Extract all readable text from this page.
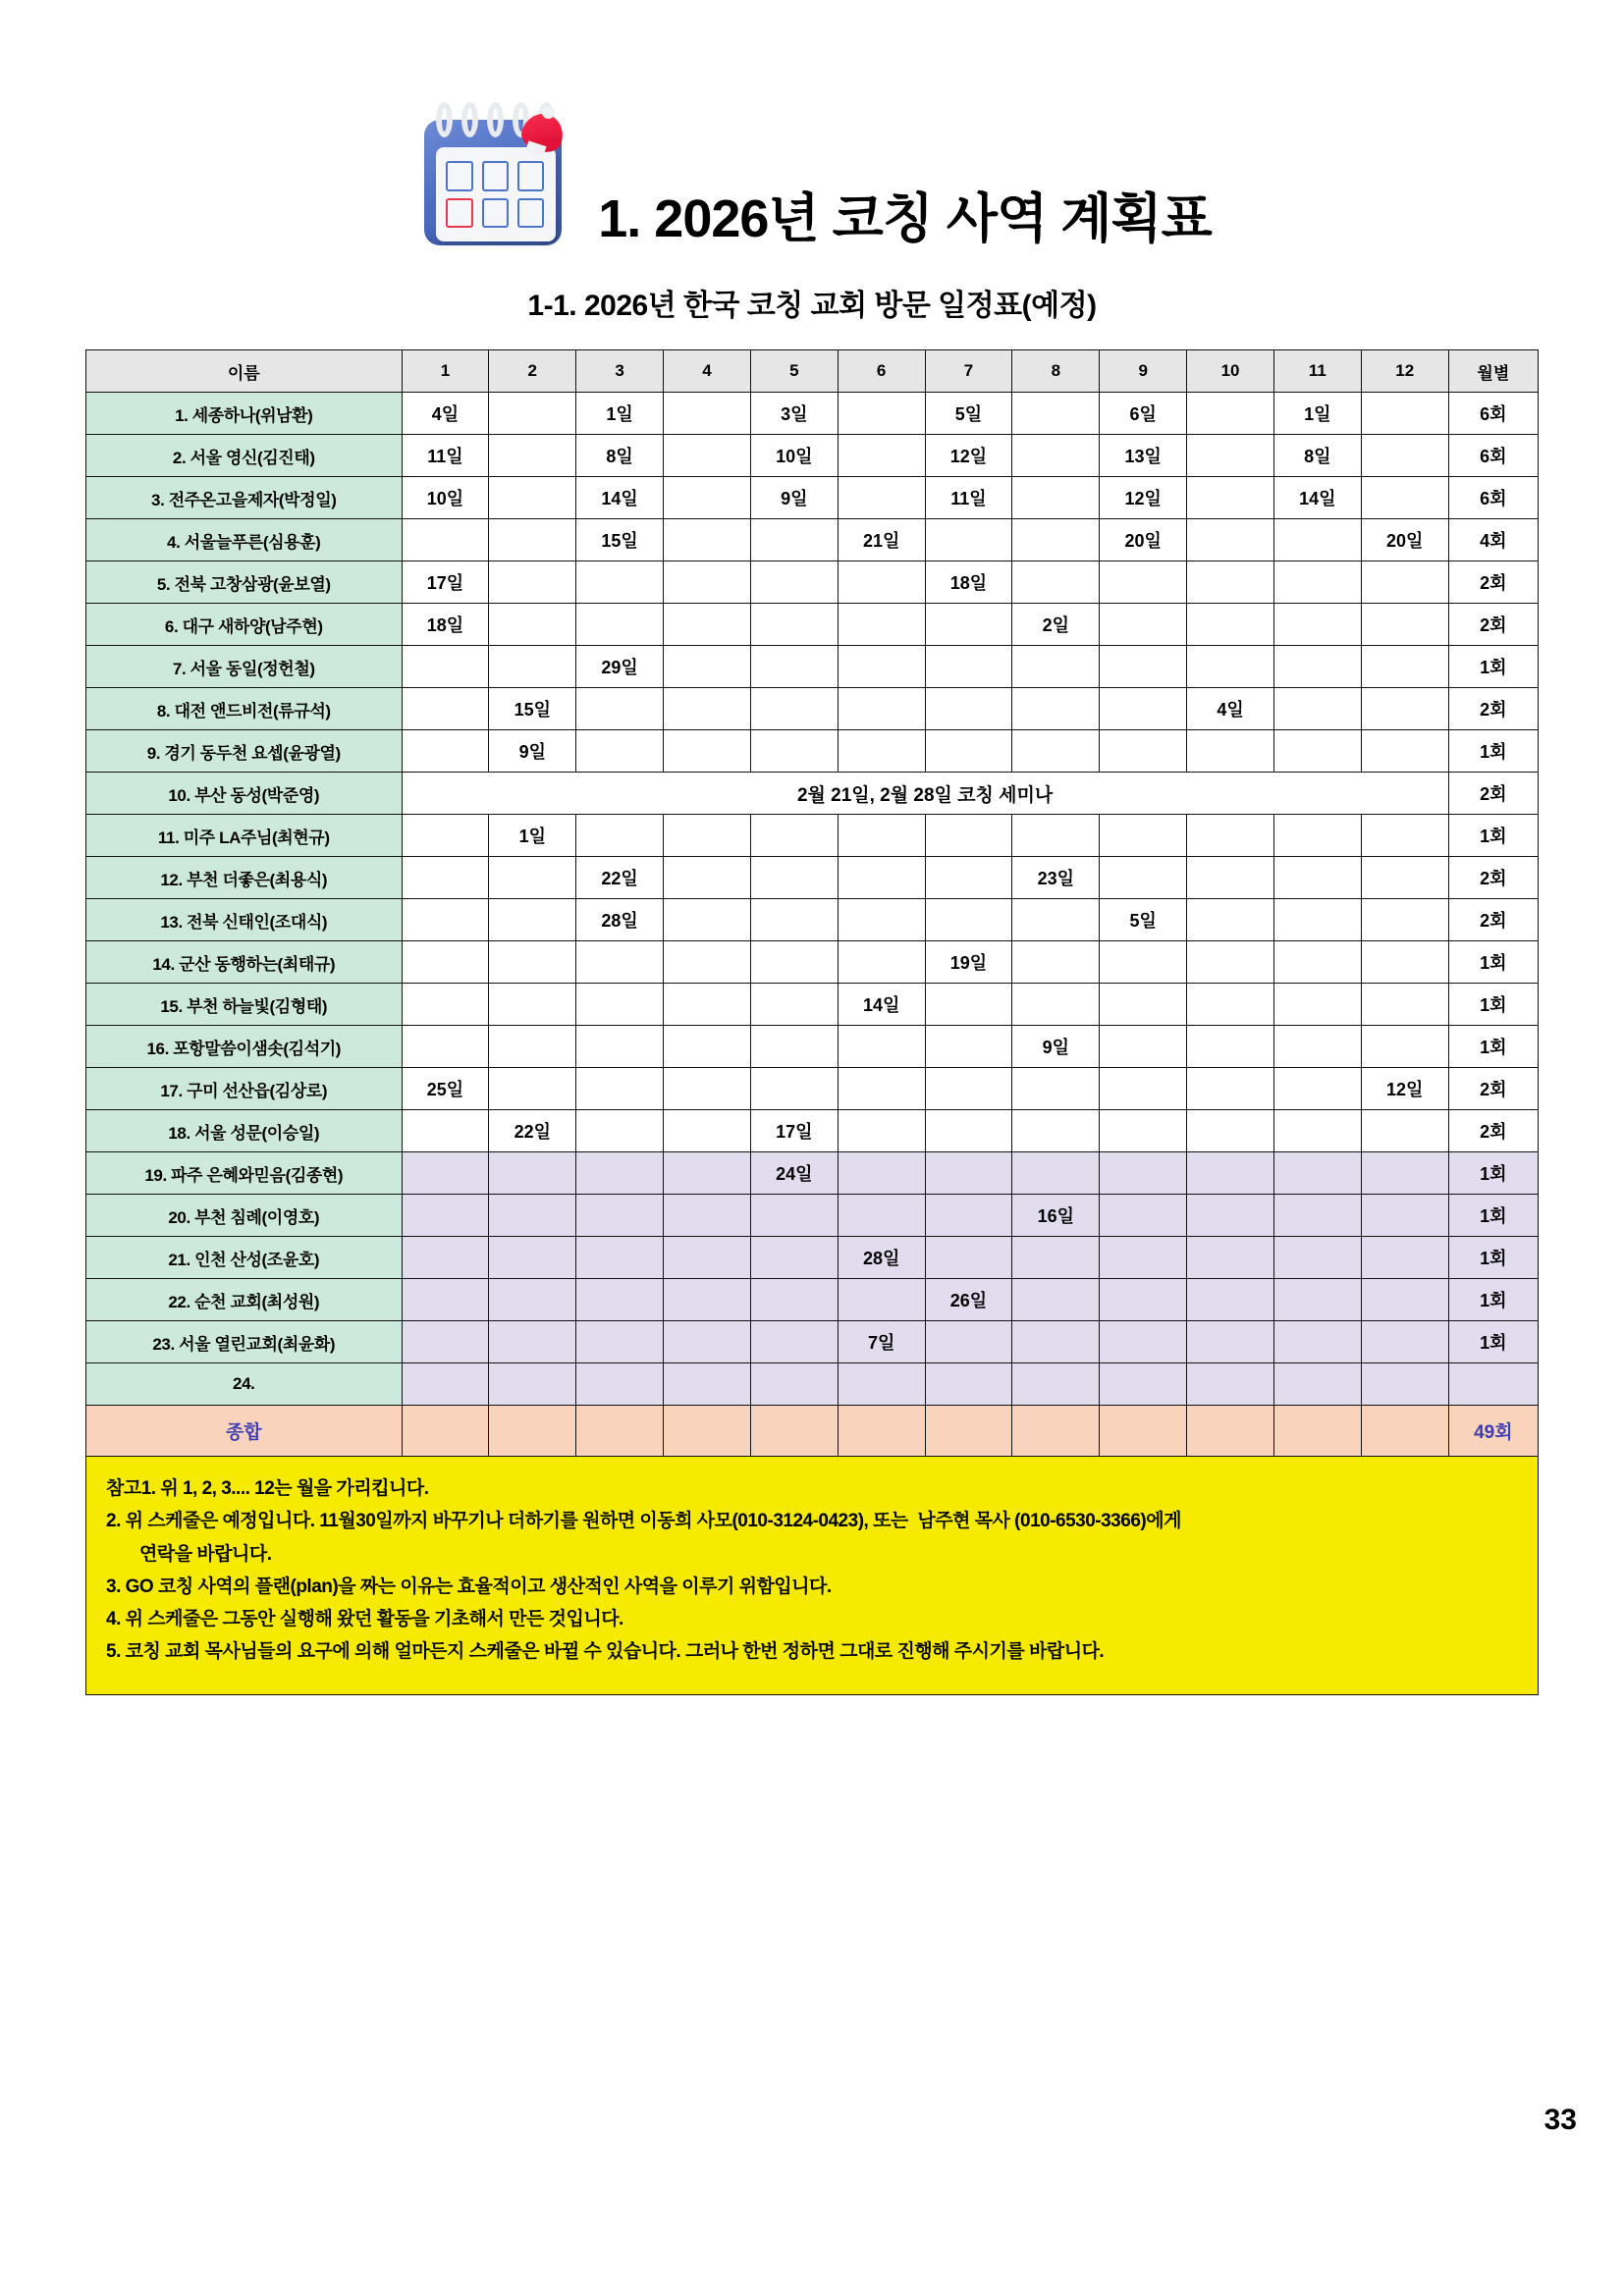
1. 2026년 코칭 사역 계획표
1-1. 2026년 한국 코칭 교회 방문 일정표(예정)
이름	1	2	3	4	5	6	7	8	9	10	11	12	월별
1. 세종하나(위남환)	4일		1일		3일		5일		6일		1일		6회
2. 서울 영신(김진태)	11일		8일		10일		12일		13일		8일		6회
3. 전주온고을제자(박정일)	10일		14일		9일		11일		12일		14일		6회
4. 서울늘푸른(심용훈)			15일			21일			20일			20일	4회
5. 전북 고창삼광(윤보열)	17일						18일						2회
6. 대구 새하양(남주현)	18일							2일					2회
7. 서울 동일(정헌철)			29일										1회
8. 대전 앤드비전(류규석)		15일								4일			2회
9. 경기 동두천 요셉(윤광열)		9일											1회
10. 부산 동성(박준영)	2월 21일, 2월 28일 코칭 세미나												2회
11. 미주 LA주님(최현규)		1일											1회
12. 부천 더좋은(최용식)			22일					23일					2회
13. 전북 신태인(조대식)			28일						5일				2회
14. 군산 동행하는(최태규)							19일						1회
15. 부천 하늘빛(김형태)						14일							1회
16. 포항말씀이샘솟(김석기)								9일					1회
17. 구미 선산읍(김상로)	25일											12일	2회
18. 서울 성문(이승일)		22일			17일								2회
19. 파주 은혜와믿음(김종현)					24일								1회
20. 부천 침례(이영호)								16일					1회
21. 인천 산성(조윤호)						28일							1회
22. 순천 교회(최성원)							26일						1회
23. 서울 열린교회(최윤화)						7일							1회
24.													
종합													49회
참고1. 위 1, 2, 3.... 12는 월을 가리킵니다.
2. 위 스케줄은 예정입니다. 11월30일까지 바꾸기나 더하기를 원하면 이동희 사모(010-3124-0423), 또는  남주현 목사 (010-6530-3366)에게
연락을 바랍니다.
3. GO 코칭 사역의 플랜(plan)을 짜는 이유는 효율적이고 생산적인 사역을 이루기 위함입니다.
4. 위 스케줄은 그동안 실행해 왔던 활동을 기초해서 만든 것입니다.
5. 코칭 교회 목사님들의 요구에 의해 얼마든지 스케줄은 바뀔 수 있습니다. 그러나 한번 정하면 그대로 진행해 주시기를 바랍니다.
33
